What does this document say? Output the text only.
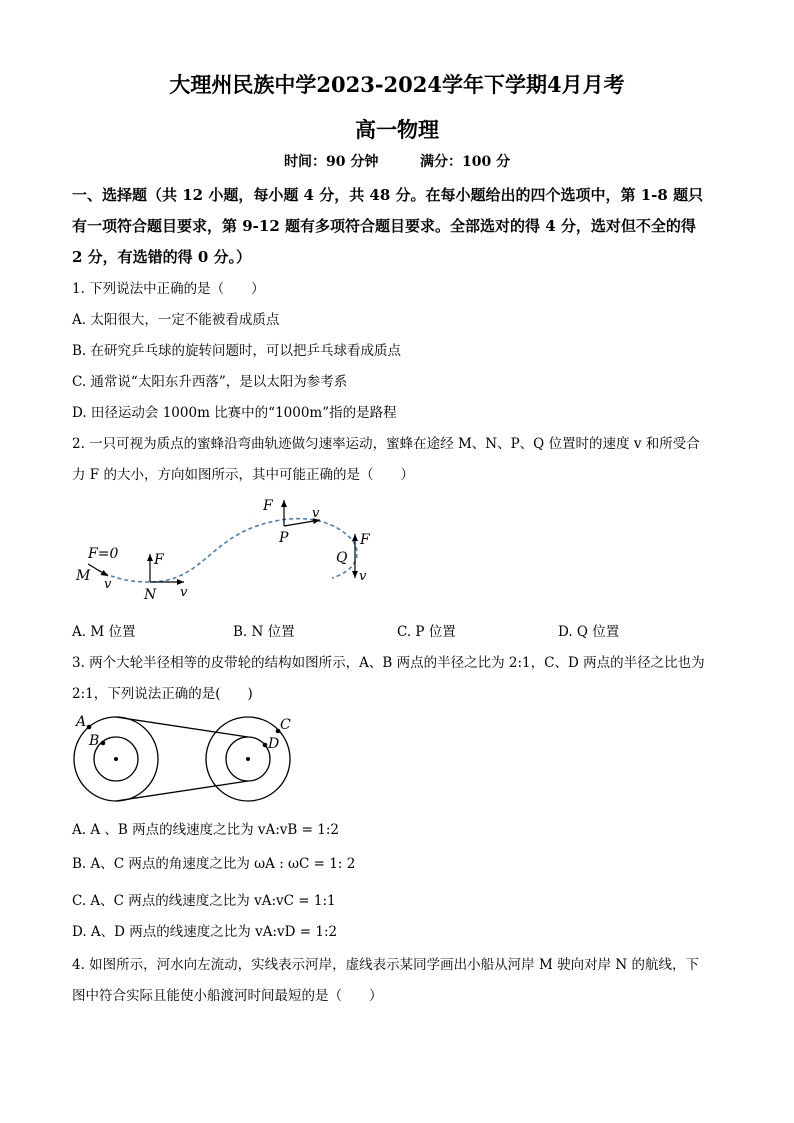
大理州民族中学2023-2024学年下学期4月月考
高一物理
时间：90 分钟	满分：100 分
一、选择题（共 12 小题，每小题 4 分，共 48 分。在每小题给出的四个选项中，第 1-8 题只
有一项符合题目要求，第 9-12 题有多项符合题目要求。全部选对的得 4 分，选对但不全的得
2 分，有选错的得 0 分。）
1. 下列说法中正确的是（　　）
A. 太阳很大，一定不能被看成质点
B. 在研究乒乓球的旋转问题时，可以把乒乓球看成质点
C. 通常说“太阳东升西落”，是以太阳为参考系
D. 田径运动会 1000m 比赛中的“1000m”指的是路程
2. 一只可视为质点的蜜蜂沿弯曲轨迹做匀速率运动，蜜蜂在途经 M、N、P、Q 位置时的速度 v 和所受合
力 F 的大小，方向如图所示，其中可能正确的是（　　）
F=0
M
v
F
N v
F
P
v
F
Q
v
A. M 位置	B. N 位置	C. P 位置	D. Q 位置
3. 两个大轮半径相等的皮带轮的结构如图所示，A、B 两点的半径之比为 2:1，C、D 两点的半径之比也为
2:1，下列说法正确的是(　　)
A
B
C
D
A. A 、B 两点的线速度之比为 vA:vB = 1:2
B. A、C 两点的角速度之比为 ωA : ωC = 1: 2
C. A、C 两点的线速度之比为 vA:vC = 1:1
D. A、D 两点的线速度之比为 vA:vD = 1:2
4. 如图所示，河水向左流动，实线表示河岸，虚线表示某同学画出小船从河岸 M 驶向对岸 N 的航线，下
图中符合实际且能使小船渡河时间最短的是（　　）
